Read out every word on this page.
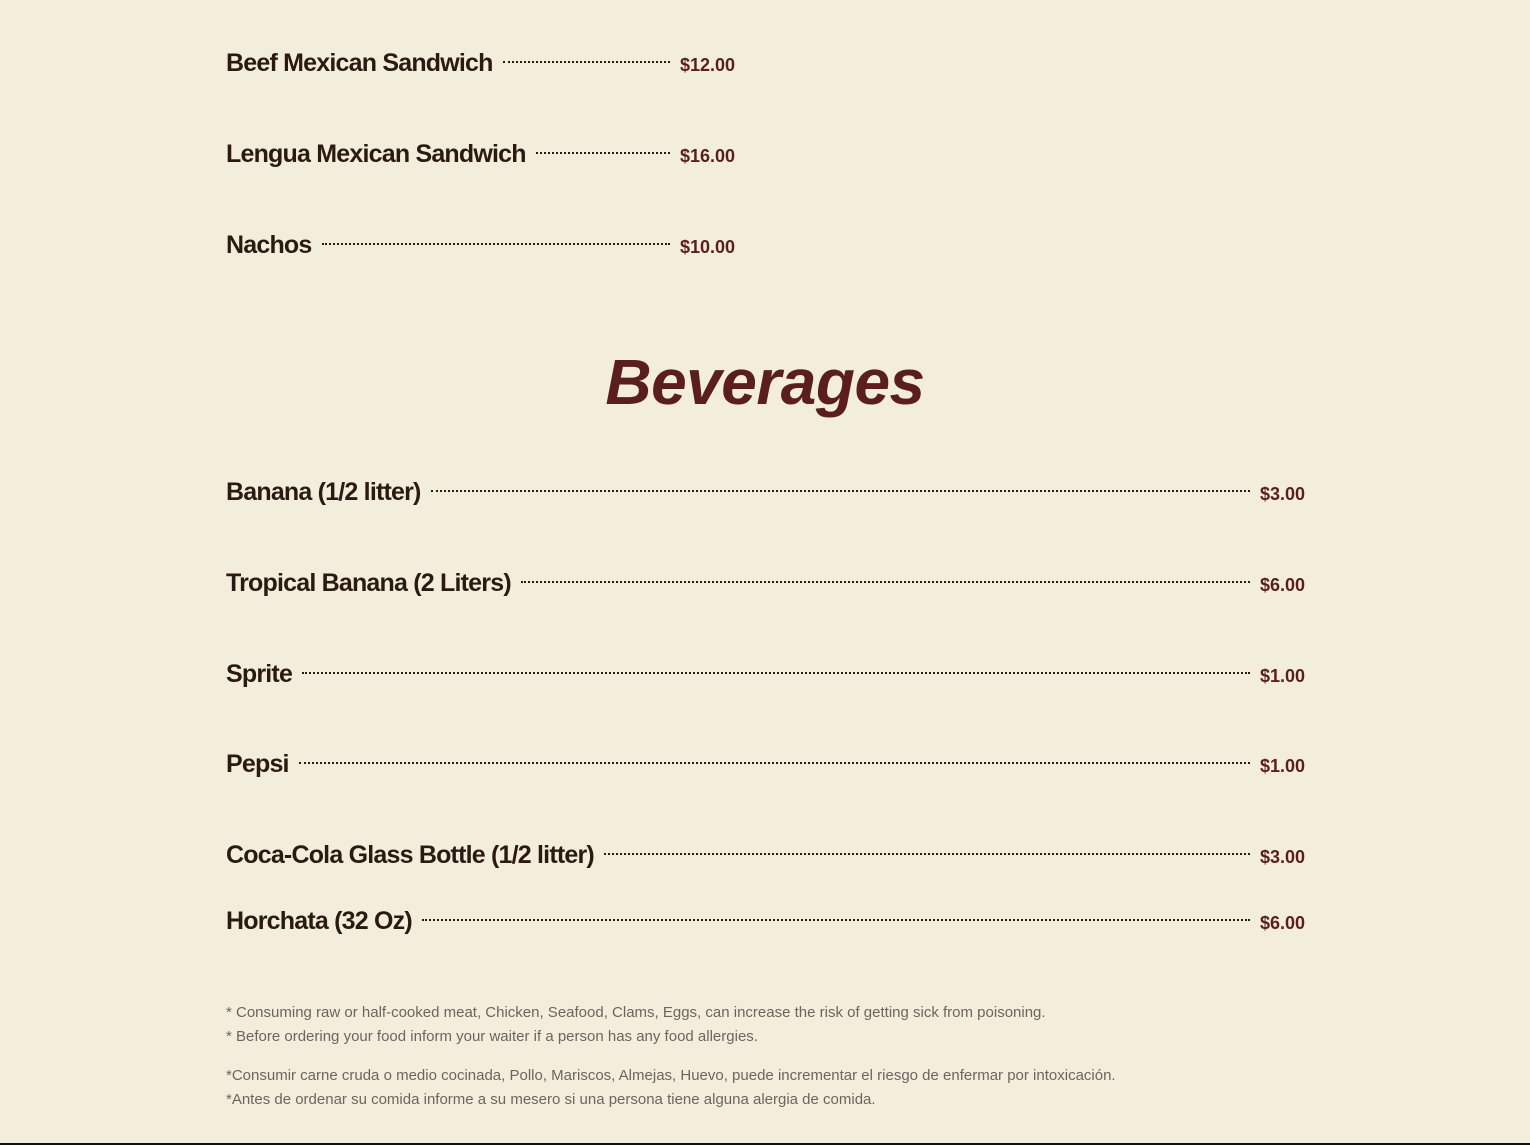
Beef Mexican Sandwich	$12.00
Lengua Mexican Sandwich	$16.00
Nachos	$10.00
Beverages
Banana (1/2 litter)	$3.00
Tropical Banana (2 Liters)	$6.00
Sprite	$1.00
Pepsi	$1.00
Coca-Cola Glass Bottle (1/2 litter)	$3.00
Horchata (32 Oz)	$6.00

* Consuming raw or half-cooked meat, Chicken, Seafood, Clams, Eggs, can increase the risk of getting sick from poisoning.
* Before ordering your food inform your waiter if a person has any food allergies.

*Consumir carne cruda o medio cocinada, Pollo, Mariscos, Almejas, Huevo, puede incrementar el riesgo de enfermar por intoxicación.
*Antes de ordenar su comida informe a su mesero si una persona tiene alguna alergia de comida.
